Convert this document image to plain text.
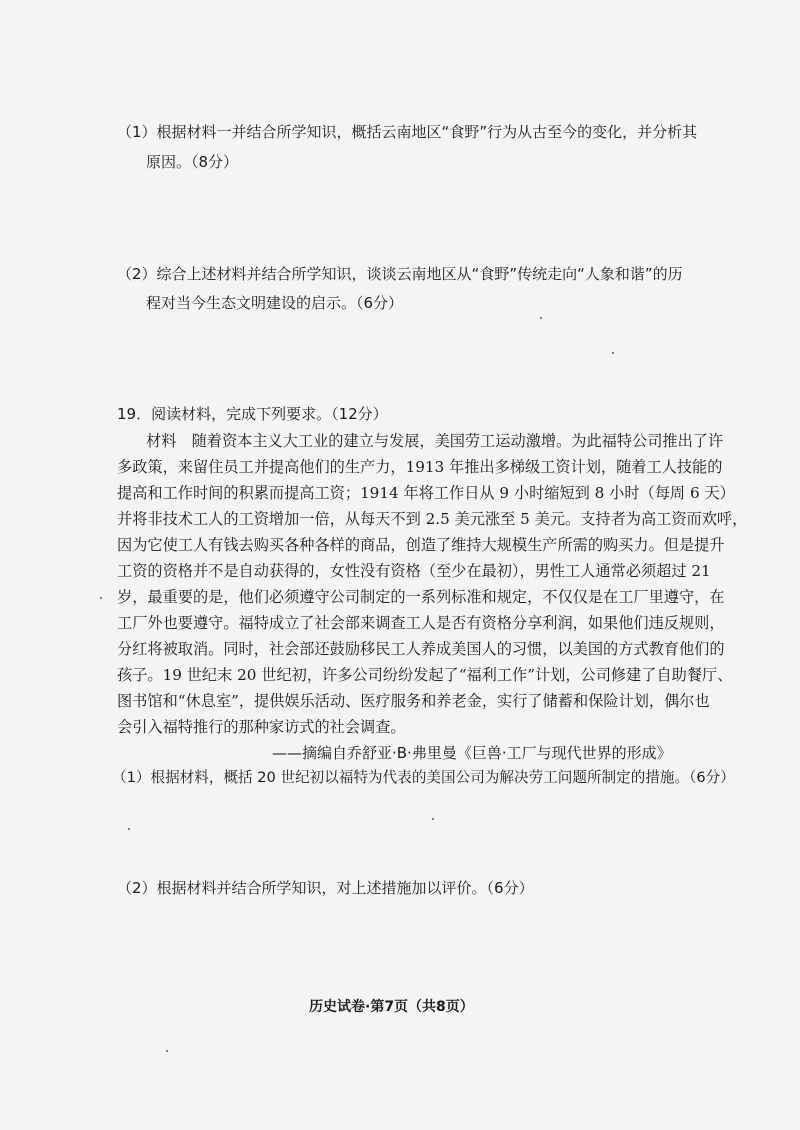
（1）根据材料一并结合所学知识，概括云南地区“食野”行为从古至今的变化，并分析其
原因。（8分）
（2）综合上述材料并结合所学知识，谈谈云南地区从“食野”传统走向“人象和谐”的历
程对当今生态文明建设的启示。（6分）
19．阅读材料，完成下列要求。（12分）
材料　随着资本主义大工业的建立与发展，美国劳工运动激增。为此福特公司推出了许
多政策，来留住员工并提高他们的生产力，1913 年推出多梯级工资计划，随着工人技能的
提高和工作时间的积累而提高工资；1914 年将工作日从 9 小时缩短到 8 小时（每周 6 天）
并将非技术工人的工资增加一倍，从每天不到 2.5 美元涨至 5 美元。支持者为高工资而欢呼，
因为它使工人有钱去购买各种各样的商品，创造了维持大规模生产所需的购买力。但是提升
工资的资格并不是自动获得的，女性没有资格（至少在最初），男性工人通常必须超过 21
岁，最重要的是，他们必须遵守公司制定的一系列标准和规定，不仅仅是在工厂里遵守，在
工厂外也要遵守。福特成立了社会部来调查工人是否有资格分享利润，如果他们违反规则，
分红将被取消。同时，社会部还鼓励移民工人养成美国人的习惯，以美国的方式教育他们的
孩子。19 世纪末 20 世纪初，许多公司纷纷发起了“福利工作”计划，公司修建了自助餐厅、
图书馆和“休息室”，提供娱乐活动、医疗服务和养老金，实行了储蓄和保险计划，偶尔也
会引入福特推行的那种家访式的社会调查。
——摘编自乔舒亚·B·弗里曼《巨兽·工厂与现代世界的形成》
（1）根据材料，概括 20 世纪初以福特为代表的美国公司为解决劳工问题所制定的措施。（6分）
（2）根据材料并结合所学知识，对上述措施加以评价。（6分）
历史试卷·第7页（共8页）
